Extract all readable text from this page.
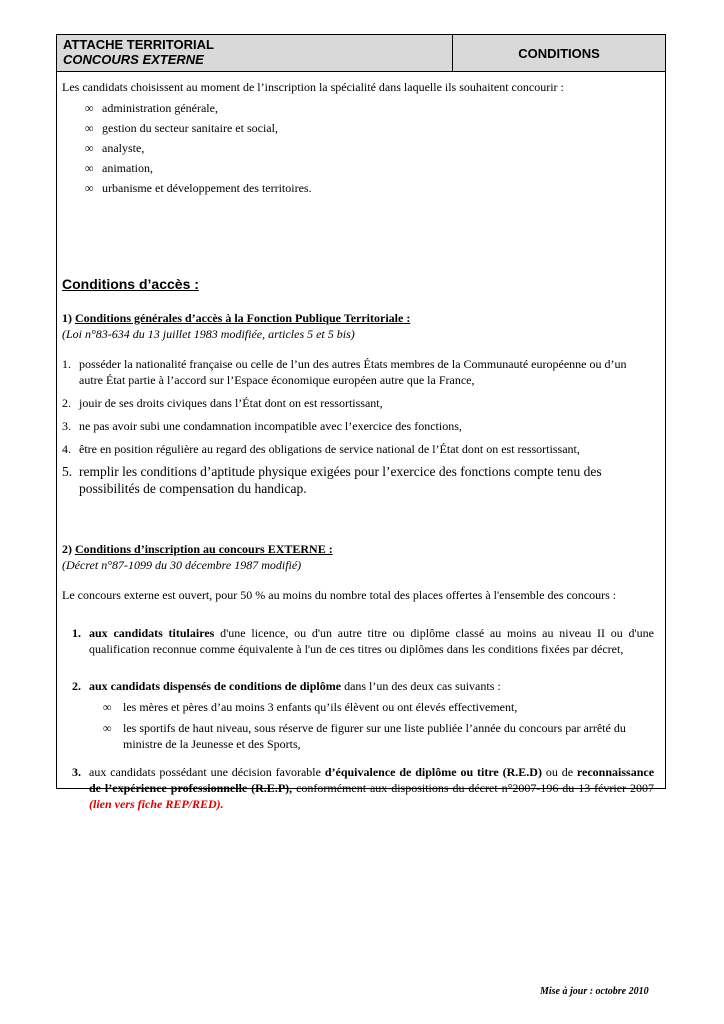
ATTACHE TERRITORIAL
CONCOURS EXTERNE	CONDITIONS
Les candidats choisissent au moment de l’inscription la spécialité dans laquelle ils souhaitent concourir :
∞ administration générale,
∞ gestion du secteur sanitaire et social,
∞ analyste,
∞ animation,
∞ urbanisme et développement des territoires.
Conditions d’accès :
1) Conditions générales d’accès à la Fonction Publique Territoriale :
(Loi n°83-634 du 13 juillet 1983 modifiée, articles 5 et 5 bis)
1. posséder la nationalité française ou celle de l’un des autres États membres de la Communauté européenne ou d’un autre État partie à l’accord sur l’Espace économique européen autre que la France,
2. jouir de ses droits civiques dans l’État dont on est ressortissant,
3. ne pas avoir subi une condamnation incompatible avec l’exercice des fonctions,
4. être en position régulière au regard des obligations de service national de l’État dont on est ressortissant,
5. remplir les conditions d’aptitude physique exigées pour l’exercice des fonctions compte tenu des possibilités de compensation du handicap.
2) Conditions d’inscription au concours EXTERNE :
(Décret n°87-1099 du 30 décembre 1987 modifié)
Le concours externe est ouvert, pour 50 % au moins du nombre total des places offertes à l'ensemble des concours :
1. aux candidats titulaires d'une licence, ou d'un autre titre ou diplôme classé au moins au niveau II ou d'une qualification reconnue comme équivalente à l'un de ces titres ou diplômes dans les conditions fixées par décret,
2. aux candidats dispensés de conditions de diplôme dans l’un des deux cas suivants :
∞ les mères et pères d’au moins 3 enfants qu’ils élèvent ou ont élevés effectivement,
∞ les sportifs de haut niveau, sous réserve de figurer sur une liste publiée l’année du concours par arrêté du ministre de la Jeunesse et des Sports,
3. aux candidats possédant une décision favorable d’équivalence de diplôme ou titre (R.E.D) ou de reconnaissance de l’expérience professionnelle (R.E.P), conformément aux dispositions du décret n°2007-196 du 13 février 2007 (lien vers fiche REP/RED).
Mise à jour : octobre 2010
